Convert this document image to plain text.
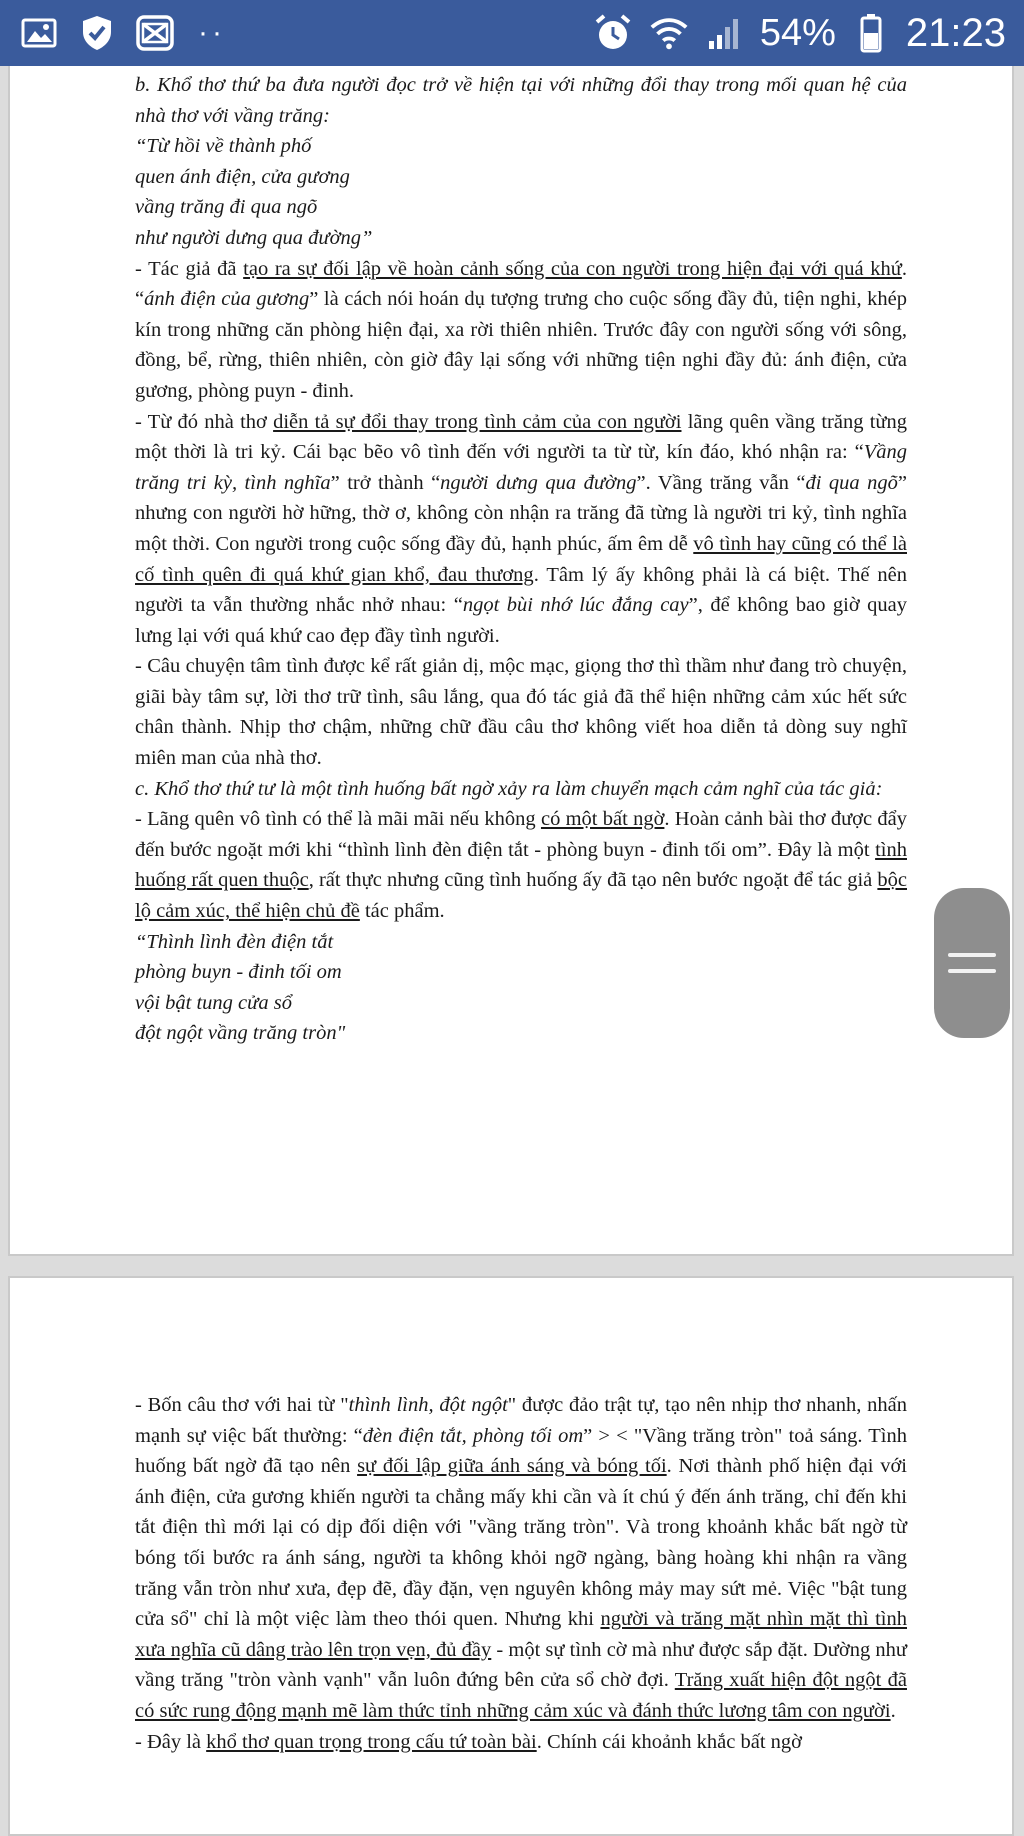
··	54% 21:23

b. Khổ thơ thứ ba đưa người đọc trở về hiện tại với những đổi thay trong mối quan hệ của nhà thơ với vầng trăng:

“Từ hồi về thành phố

quen ánh điện, cửa gương

vầng trăng đi qua ngõ

như người dưng qua đường”

- Tác giả đã tạo ra sự đối lập về hoàn cảnh sống của con người trong hiện đại với quá khứ. “ánh điện của gương” là cách nói hoán dụ tượng trưng cho cuộc sống đầy đủ, tiện nghi, khép kín trong những căn phòng hiện đại, xa rời thiên nhiên. Trước đây con người sống với sông, đồng, bể, rừng, thiên nhiên, còn giờ đây lại sống với những tiện nghi đầy đủ: ánh điện, cửa gương, phòng puyn - đinh.

- Từ đó nhà thơ diễn tả sự đổi thay trong tình cảm của con người lãng quên vầng trăng từng một thời là tri kỷ. Cái bạc bẽo vô tình đến với người ta từ từ, kín đáo, khó nhận ra: “Vầng trăng tri kỳ, tình nghĩa” trở thành “người dưng qua đường”. Vầng trăng vẫn “đi qua ngõ” nhưng con người hờ hững, thờ ơ, không còn nhận ra trăng đã từng là người tri kỷ, tình nghĩa một thời. Con người trong cuộc sống đầy đủ, hạnh phúc, ấm êm dễ vô tình hay cũng có thể là cố tình quên đi quá khứ gian khổ, đau thương. Tâm lý ấy không phải là cá biệt. Thế nên người ta vẫn thường nhắc nhở nhau: “ngọt bùi nhớ lúc đắng cay”, để không bao giờ quay lưng lại với quá khứ cao đẹp đầy tình người.

- Câu chuyện tâm tình được kể rất giản dị, mộc mạc, giọng thơ thì thầm như đang trò chuyện, giãi bày tâm sự, lời thơ trữ tình, sâu lắng, qua đó tác giả đã thể hiện những cảm xúc hết sức chân thành. Nhịp thơ chậm, những chữ đầu câu thơ không viết hoa diễn tả dòng suy nghĩ miên man của nhà thơ.

c. Khổ thơ thứ tư là một tình huống bất ngờ xảy ra làm chuyển mạch cảm nghĩ của tác giả:

- Lãng quên vô tình có thể là mãi mãi nếu không có một bất ngờ. Hoàn cảnh bài thơ được đẩy đến bước ngoặt mới khi “thình lình đèn điện tắt - phòng buyn - đinh tối om”. Đây là một tình huống rất quen thuộc, rất thực nhưng cũng tình huống ấy đã tạo nên bước ngoặt để tác giả bộc lộ cảm xúc, thể hiện chủ đề tác phẩm.

“Thình lình đèn điện tắt

phòng buyn - đinh tối om

vội bật tung cửa sổ

đột ngột vầng trăng tròn"

- Bốn câu thơ với hai từ "thình lình, đột ngột" được đảo trật tự, tạo nên nhịp thơ nhanh, nhấn mạnh sự việc bất thường: “đèn điện tắt, phòng tối om” > < "Vầng trăng tròn" toả sáng. Tình huống bất ngờ đã tạo nên sự đối lập giữa ánh sáng và bóng tối. Nơi thành phố hiện đại với ánh điện, cửa gương khiến người ta chẳng mấy khi cần và ít chú ý đến ánh trăng, chỉ đến khi tắt điện thì mới lại có dịp đối diện với "vầng trăng tròn". Và trong khoảnh khắc bất ngờ từ bóng tối bước ra ánh sáng, người ta không khỏi ngỡ ngàng, bàng hoàng khi nhận ra vầng trăng vẫn tròn như xưa, đẹp đẽ, đầy đặn, vẹn nguyên không mảy may sứt mẻ. Việc "bật tung cửa sổ" chỉ là một việc làm theo thói quen. Nhưng khi người và trăng mặt nhìn mặt thì tình xưa nghĩa cũ dâng trào lên trọn vẹn, đủ đầy - một sự tình cờ mà như được sắp đặt. Dường như vầng trăng "tròn vành vạnh" vẫn luôn đứng bên cửa sổ chờ đợi. Trăng xuất hiện đột ngột đã có sức rung động mạnh mẽ làm thức tỉnh những cảm xúc và đánh thức lương tâm con người.

- Đây là khổ thơ quan trọng trong cấu tứ toàn bài. Chính cái khoảnh khắc bất ngờ
